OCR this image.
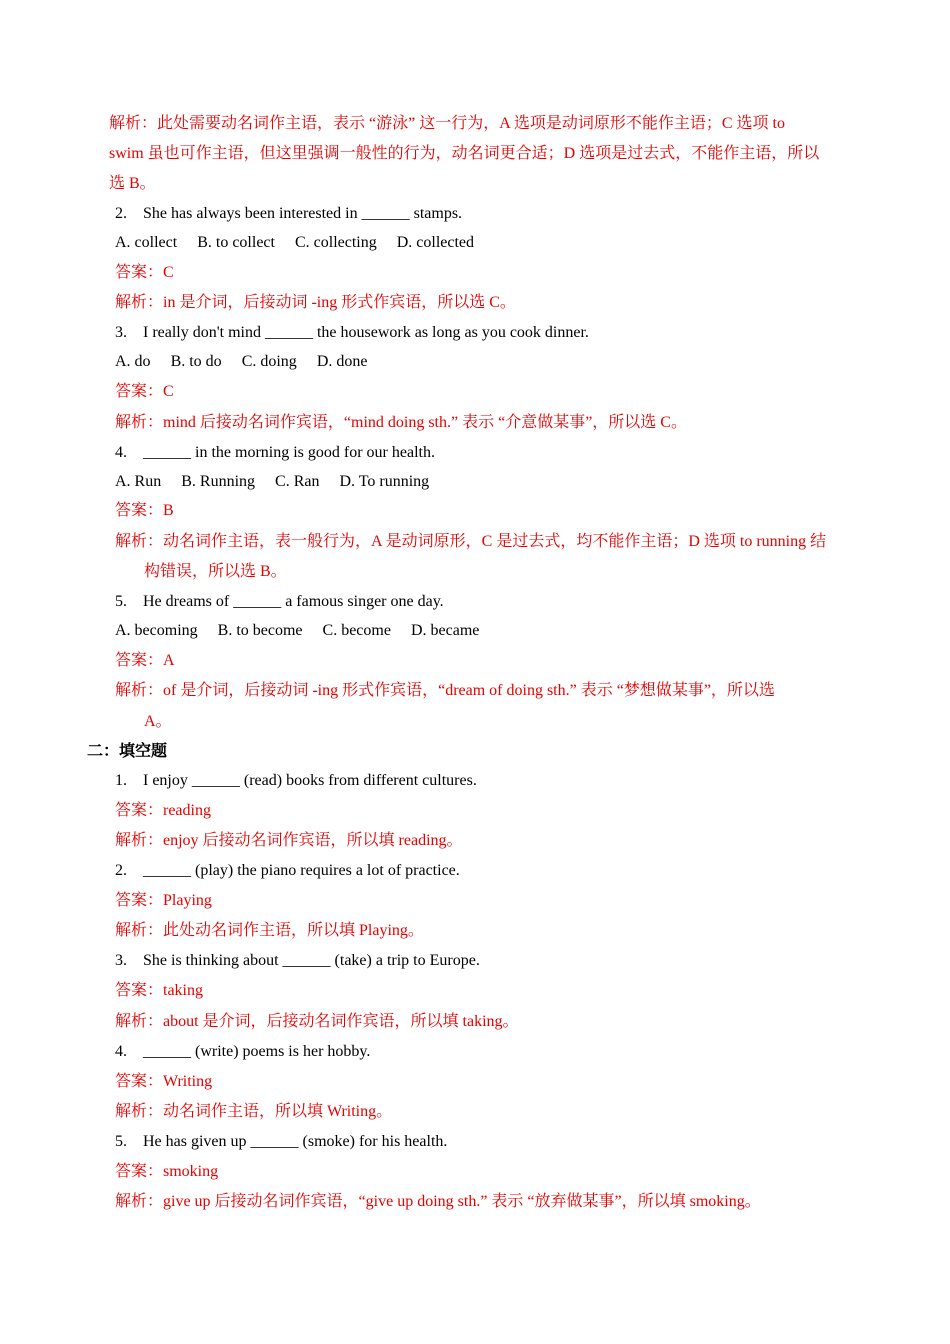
解析：此处需要动名词作主语，表示 “游泳” 这一行为，A 选项是动词原形不能作主语；C 选项 to

swim 虽也可作主语，但这里强调一般性的行为，动名词更合适；D 选项是过去式，不能作主语，所以

选 B。

2. She has always been interested in ______ stamps.

A. collect B. to collect C. collecting D. collected

答案：C

解析：in 是介词，后接动词 -ing 形式作宾语，所以选 C。

3. I really don't mind ______ the housework as long as you cook dinner.

A. do B. to do C. doing D. done

答案：C

解析：mind 后接动名词作宾语，“mind doing sth.” 表示 “介意做某事”，所以选 C。

4. ______ in the morning is good for our health.

A. Run B. Running C. Ran D. To running

答案：B

解析：动名词作主语，表一般行为，A 是动词原形，C 是过去式，均不能作主语；D 选项 to running 结

构错误，所以选 B。

5. He dreams of ______ a famous singer one day.

A. becoming B. to become C. become D. became

答案：A

解析：of 是介词，后接动词 -ing 形式作宾语，“dream of doing sth.” 表示 “梦想做某事”，所以选

A。

二：填空题

1. I enjoy ______ (read) books from different cultures.

答案：reading

解析：enjoy 后接动名词作宾语，所以填 reading。

2. ______ (play) the piano requires a lot of practice.

答案：Playing

解析：此处动名词作主语，所以填 Playing。

3. She is thinking about ______ (take) a trip to Europe.

答案：taking

解析：about 是介词，后接动名词作宾语，所以填 taking。

4. ______ (write) poems is her hobby.

答案：Writing

解析：动名词作主语，所以填 Writing。

5. He has given up ______ (smoke) for his health.

答案：smoking

解析：give up 后接动名词作宾语，“give up doing sth.” 表示 “放弃做某事”，所以填 smoking。
